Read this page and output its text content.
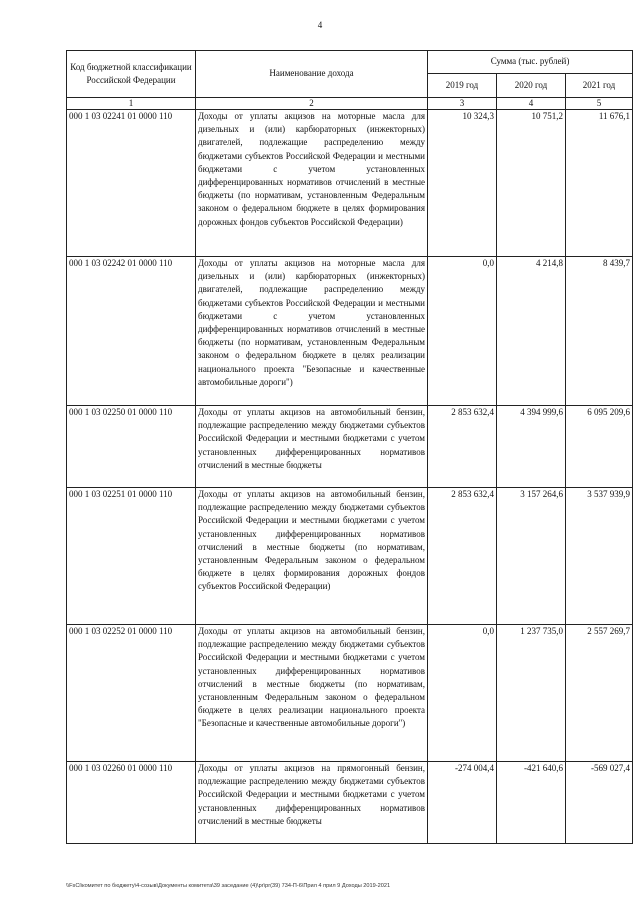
4
Код бюджетной классификации Российской Федерации	Наименование дохода	Сумма (тыс. рублей)		
		2019 год	2020 год	2021 год
1	2	3	4	5
000 1 03 02241 01 0000 110	Доходы от уплаты акцизов на моторные масла для дизельных и (или) карбюраторных (инжекторных) двигателей, подлежащие распределению между бюджетами субъектов Российской Федерации и местными бюджетами с учетом установленных дифференцированных нормативов отчислений в местные бюджеты (по нормативам, установленным Федеральным законом о федеральном бюджете в целях формирования дорожных фондов субъектов Российской Федерации)	10 324,3	10 751,2	11 676,1
000 1 03 02242 01 0000 110	Доходы от уплаты акцизов на моторные масла для дизельных и (или) карбюраторных (инжекторных) двигателей, подлежащие распределению между бюджетами субъектов Российской Федерации и местными бюджетами с учетом установленных дифференцированных нормативов отчислений в местные бюджеты (по нормативам, установленным Федеральным законом о федеральном бюджете в целях реализации национального проекта "Безопасные и качественные автомобильные дороги")	0,0	4 214,8	8 439,7
000 1 03 02250 01 0000 110	Доходы от уплаты акцизов на автомобильный бензин, подлежащие распределению между бюджетами субъектов Российской Федерации и местными бюджетами с учетом установленных дифференцированных нормативов отчислений в местные бюджеты	2 853 632,4	4 394 999,6	6 095 209,6
000 1 03 02251 01 0000 110	Доходы от уплаты акцизов на автомобильный бензин, подлежащие распределению между бюджетами субъектов Российской Федерации и местными бюджетами с учетом установленных дифференцированных нормативов отчислений в местные бюджеты (по нормативам, установленным Федеральным законом о федеральном бюджете в целях формирования дорожных фондов субъектов Российской Федерации)	2 853 632,4	3 157 264,6	3 537 939,9
000 1 03 02252 01 0000 110	Доходы от уплаты акцизов на автомобильный бензин, подлежащие распределению между бюджетами субъектов Российской Федерации и местными бюджетами с учетом установленных дифференцированных нормативов отчислений в местные бюджеты (по нормативам, установленным Федеральным законом о федеральном бюджете в целях реализации национального проекта "Безопасные и качественные автомобильные дороги")	0,0	1 237 735,0	2 557 269,7
000 1 03 02260 01 0000 110	Доходы от уплаты акцизов на прямогонный бензин, подлежащие распределению между бюджетами субъектов Российской Федерации и местными бюджетами с учетом установленных дифференцированных нормативов отчислений в местные бюджеты	-274 004,4	-421 640,6	-569 027,4
\\FsCi\комитет по бюджету\4-созыв\Документы комитета\39 заседание (4)\pr\pr(39) 734-П-6\Прил 4 прил 9 Доходы 2019-2021
